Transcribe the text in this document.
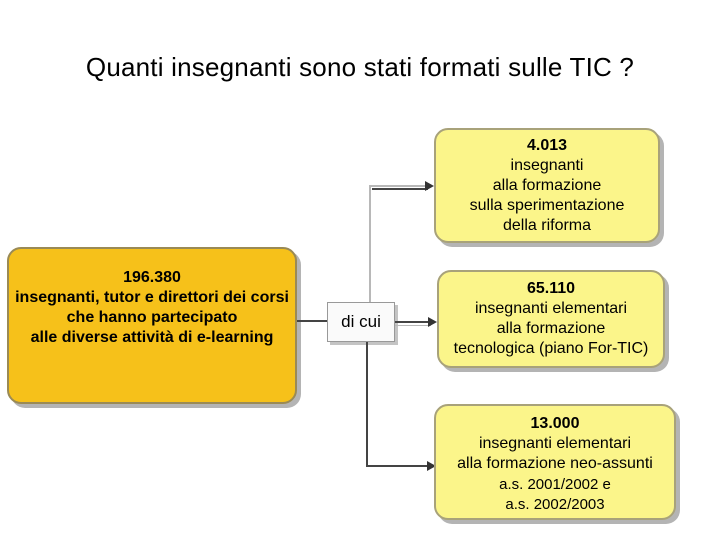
Quanti insegnanti sono stati formati sulle TIC ?
196.380
insegnanti, tutor e direttori dei corsi
che hanno partecipato
alle diverse attività di e-learning
di cui
4.013
insegnanti
alla formazione
sulla sperimentazione
della riforma
65.110
insegnanti elementari
alla formazione
tecnologica (piano For-TIC)
13.000
insegnanti elementari
alla formazione neo-assunti
a.s. 2001/2002 e
a.s. 2002/2003
